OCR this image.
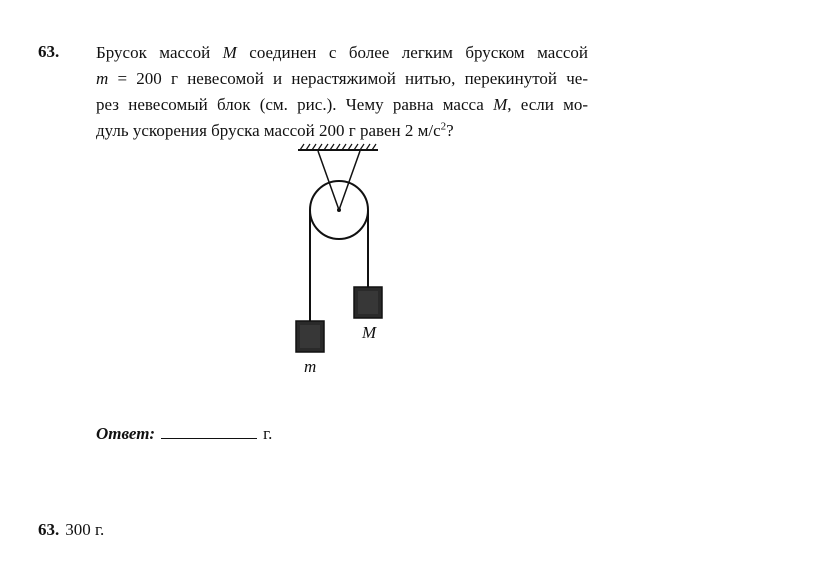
63. Брусок массой M соединен с более легким бруском массой
m = 200 г невесомой и нерастяжимой нитью, перекинутой че-
рез невесомый блок (см. рис.). Чему равна масса M, если мо-
дуль ускорения бруска массой 200 г равен 2 $м/с^2$?

M
m
Ответ:	г.
63. 300 г.
